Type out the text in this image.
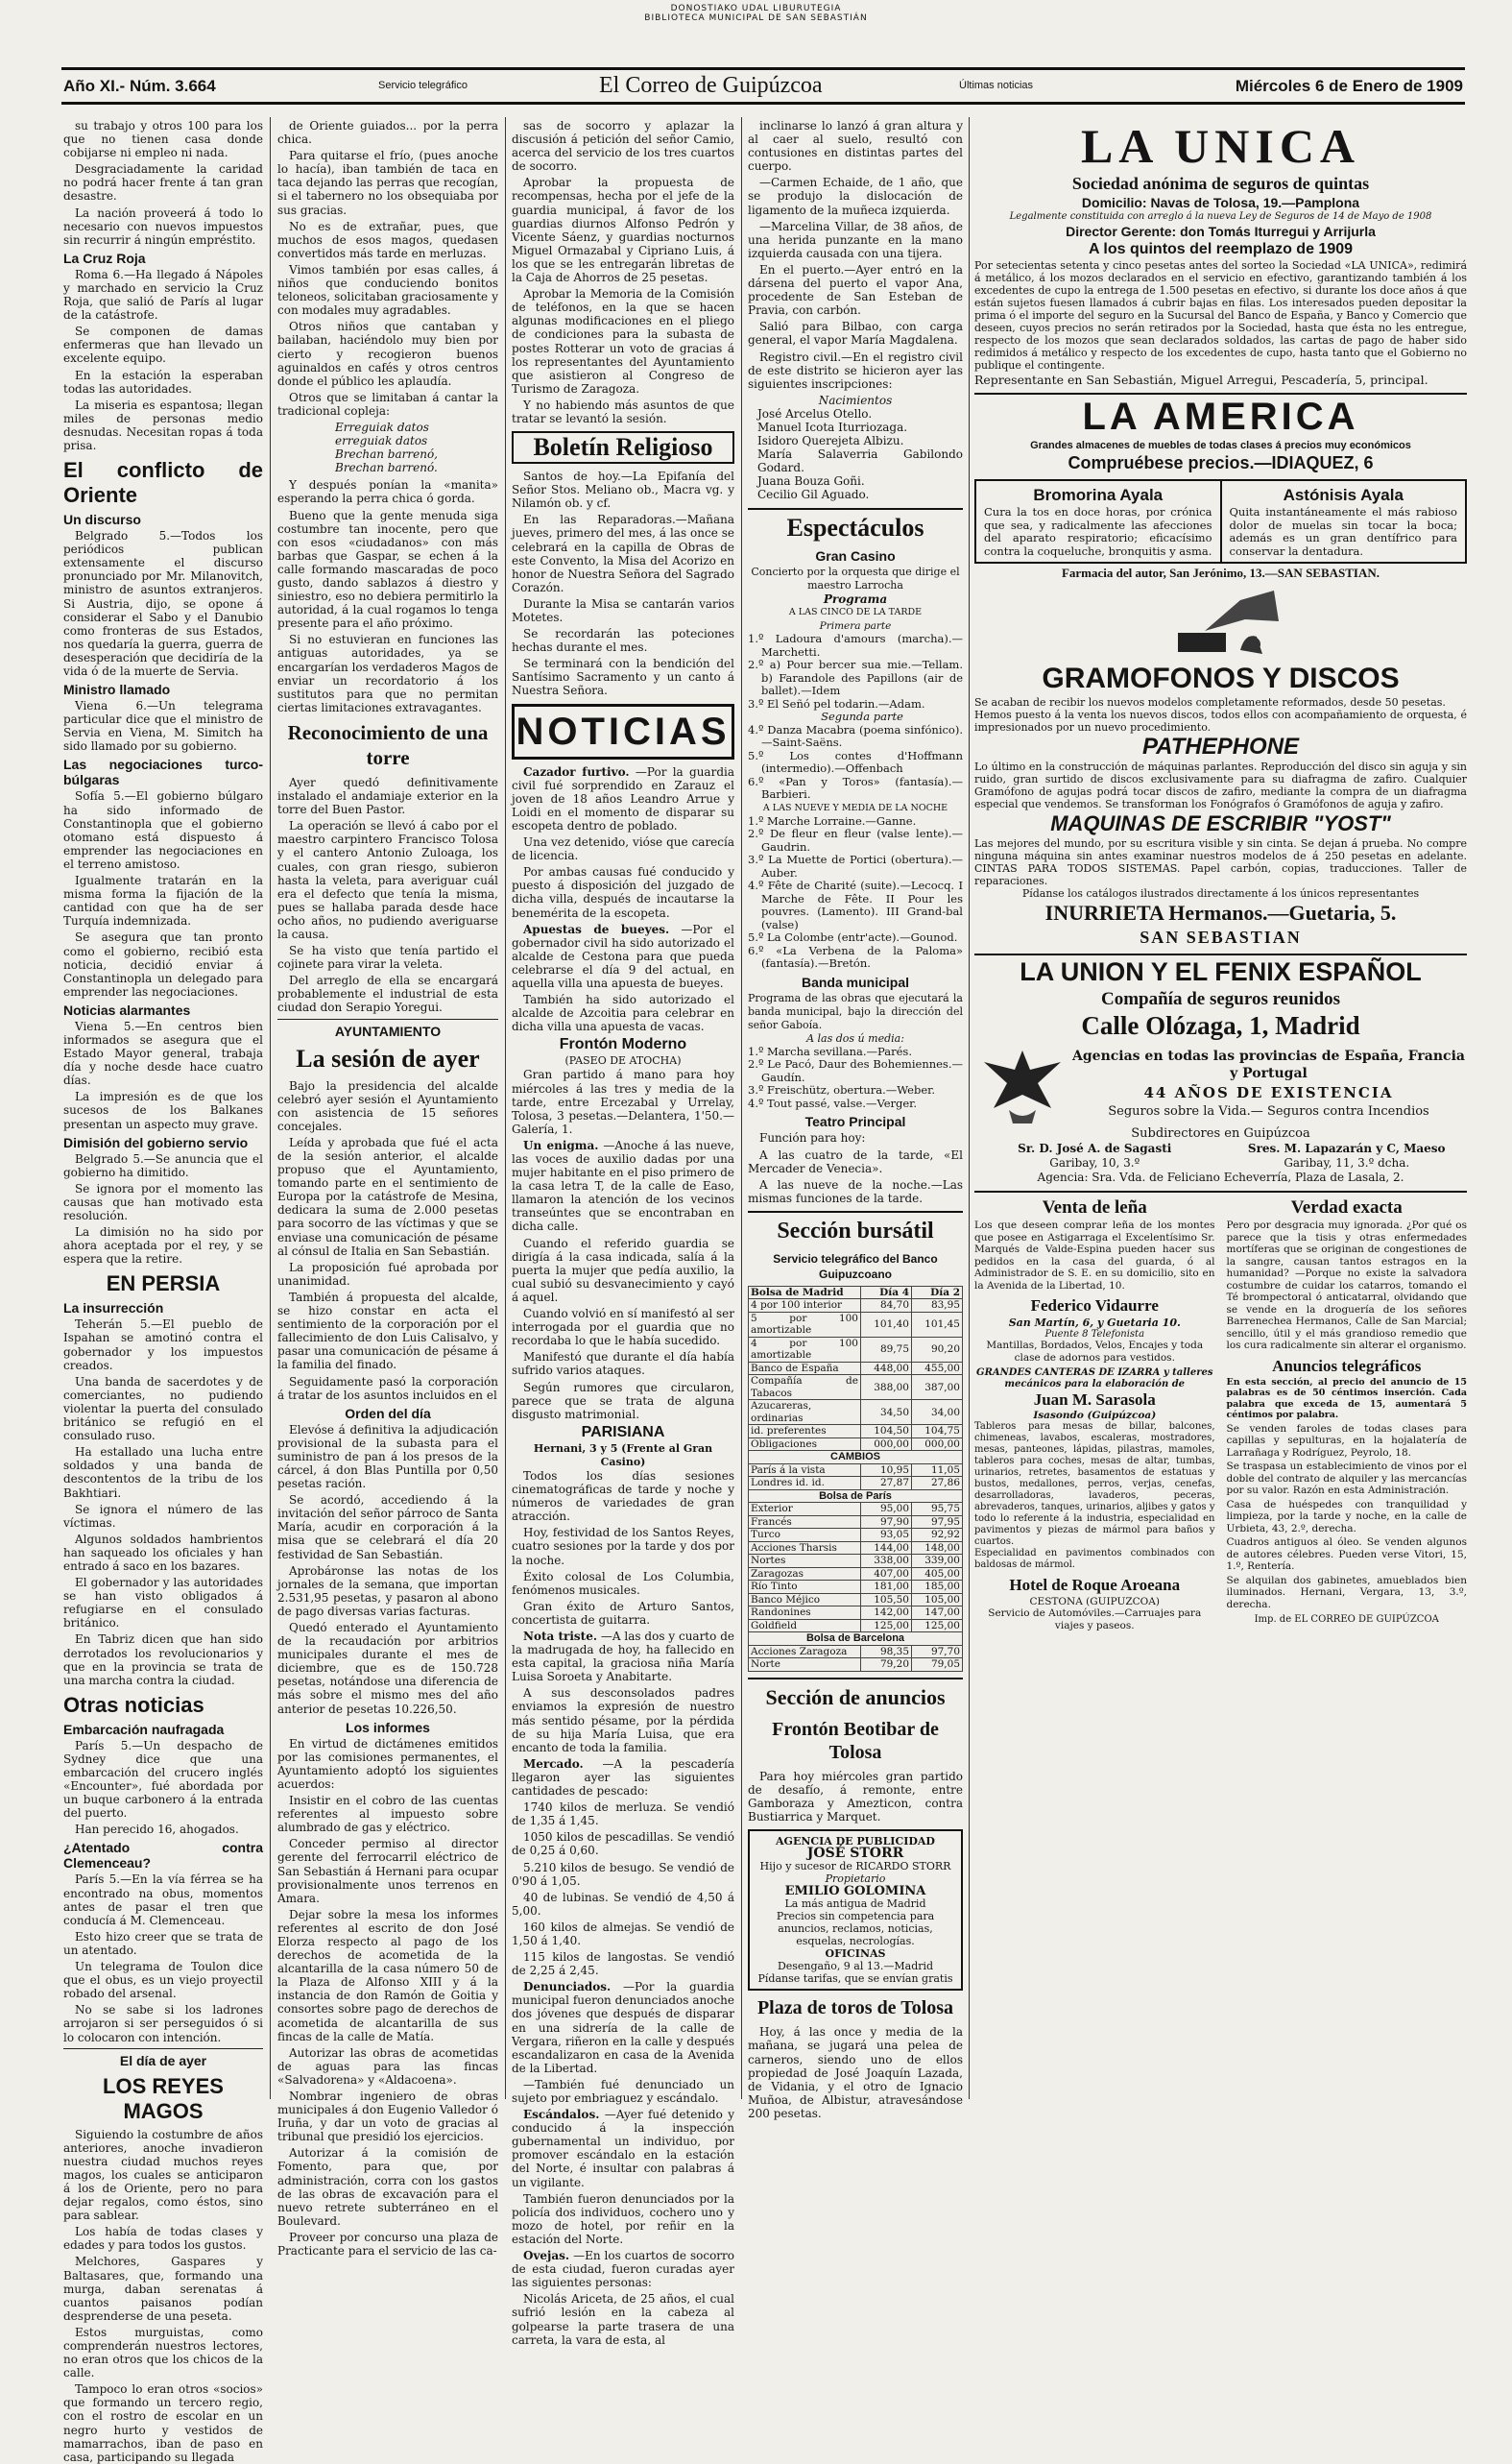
DONOSTIAKO UDAL LIBURUTEGIA
BIBLIOTECA MUNICIPAL DE SAN SEBASTIÁN
Año XI.- Núm. 3.664	Servicio telegráfico	El Correo de Guipúzcoa	Últimas noticias	Miércoles 6 de Enero de 1909

su trabajo y otros 100 para los que no tienen casa donde cobijarse ni empleo ni nada.

Desgraciadamente la caridad no podrá hacer frente á tan gran desastre.

La nación proveerá á todo lo necesario con nuevos impuestos sin recurrir á ningún empréstito.

La Cruz Roja

Roma 6.—Ha llegado á Nápoles y marchado en servicio la Cruz Roja, que salió de París al lugar de la catástrofe.

Se componen de damas enfermeras que han llevado un excelente equipo.

En la estación la esperaban todas las autoridades.

La miseria es espantosa; llegan miles de personas medio desnudas. Necesitan ropas á toda prisa.

El conflicto de Oriente
Un discurso

Belgrado 5.—Todos los periódicos publican extensamente el discurso pronunciado por Mr. Milanovitch, ministro de asuntos extranjeros. Si Austria, dijo, se opone á considerar el Sabo y el Danubio como fronteras de sus Estados, nos quedaría la guerra, guerra de desesperación que decidiría de la vida ó de la muerte de Servia.

Ministro llamado

Viena 6.—Un telegrama particular dice que el ministro de Servia en Viena, M. Simitch ha sido llamado por su gobierno.

Las negociaciones turco-búlgaras

Sofía 5.—El gobierno búlgaro ha sido informado de Constantinopla que el gobierno otomano está dispuesto á emprender las negociaciones en el terreno amistoso.

Igualmente tratarán en la misma forma la fijación de la cantidad con que ha de ser Turquía indemnizada.

Se asegura que tan pronto como el gobierno, recibió esta noticia, decidió enviar á Constantinopla un delegado para emprender las negociaciones.

Noticias alarmantes

Viena 5.—En centros bien informados se asegura que el Estado Mayor general, trabaja día y noche desde hace cuatro días.

La impresión es de que los sucesos de los Balkanes presentan un aspecto muy grave.

Dimisión del gobierno servio

Belgrado 5.—Se anuncia que el gobierno ha dimitido.

Se ignora por el momento las causas que han motivado esta resolución.

La dimisión no ha sido por ahora aceptada por el rey, y se espera que la retire.

EN PERSIA
La insurrección

Teherán 5.—El pueblo de Ispahan se amotinó contra el gobernador y los impuestos creados.

Una banda de sacerdotes y de comerciantes, no pudiendo violentar la puerta del consulado británico se refugió en el consulado ruso.

Ha estallado una lucha entre soldados y una banda de descontentos de la tribu de los Bakhtiari.

Se ignora el número de las víctimas.

Algunos soldados hambrientos han saqueado los oficiales y han entrado á saco en los bazares.

El gobernador y las autoridades se han visto obligados á refugiarse en el consulado británico.

En Tabriz dicen que han sido derrotados los revolucionarios y que en la provincia se trata de una marcha contra la ciudad.

Otras noticias
Embarcación naufragada

París 5.—Un despacho de Sydney dice que una embarcación del crucero inglés «Encounter», fué abordada por un buque carbonero á la entrada del puerto.

Han perecido 16, ahogados.

¿Atentado contra Clemenceau?

París 5.—En la vía férrea se ha encontrado na obus, momentos antes de pasar el tren que conducía á M. Clemenceau.

Esto hizo creer que se trata de un atentado.

Un telegrama de Toulon dice que el obus, es un viejo proyectil robado del arsenal.

No se sabe si los ladrones arrojaron si ser perseguidos ó si lo colocaron con intención.

El día de ayer
LOS REYES MAGOS

Siguiendo la costumbre de años anteriores, anoche invadieron nuestra ciudad muchos reyes magos, los cuales se anticiparon á los de Oriente, pero no para dejar regalos, como éstos, sino para sablear.

Los había de todas clases y edades y para todos los gustos.

Melchores, Gaspares y Baltasares, que, formando una murga, daban serenatas á cuantos paisanos podían desprenderse de una peseta.

Estos murguistas, como comprenderán nuestros lectores, no eran otros que los chicos de la calle.

Tampoco lo eran otros «socios» que formando un tercero regio, con el rostro de escolar en un negro hurto y vestidos de mamarrachos, iban de paso en casa, participando su llegada

de Oriente guiados... por la perra chica.

Para quitarse el frío, (pues anoche lo hacía), iban también de taca en taca dejando las perras que recogían, si el tabernero no los obsequiaba por sus gracias.

No es de extrañar, pues, que muchos de esos magos, quedasen convertidos más tarde en merluzas.

Vimos también por esas calles, á niños que conduciendo bonitos teloneos, solicitaban graciosamente y con modales muy agradables.

Otros niños que cantaban y bailaban, haciéndolo muy bien por cierto y recogieron buenos aguinaldos en cafés y otros centros donde el público les aplaudía.

Otros que se limitaban á cantar la tradicional copleja:

Erreguiak datos
erreguiak datos
Brechan barrenó,
Brechan barrenó.

Y después ponían la «manita» esperando la perra chica ó gorda.

Bueno que la gente menuda siga costumbre tan inocente, pero que con esos «ciudadanos» con más barbas que Gaspar, se echen á la calle formando mascaradas de poco gusto, dando sablazos á diestro y siniestro, eso no debiera permitirlo la autoridad, á la cual rogamos lo tenga presente para el año próximo.

Si no estuvieran en funciones las antiguas autoridades, ya se encargarían los verdaderos Magos de enviar un recordatorio á los sustitutos para que no permitan ciertas limitaciones extravagantes.

Reconocimiento de una torre

Ayer quedó definitivamente instalado el andamiaje exterior en la torre del Buen Pastor.

La operación se llevó á cabo por el maestro carpintero Francisco Tolosa y el cantero Antonio Zuloaga, los cuales, con gran riesgo, subieron hasta la veleta, para averiguar cuál era el defecto que tenía la misma, pues se hallaba parada desde hace ocho años, no pudiendo averiguarse la causa.

Se ha visto que tenía partido el cojinete para virar la veleta.

Del arreglo de ella se encargará probablemente el industrial de esta ciudad don Serapio Yoregui.

AYUNTAMIENTO
La sesión de ayer

Bajo la presidencia del alcalde celebró ayer sesión el Ayuntamiento con asistencia de 15 señores concejales.

Leída y aprobada que fué el acta de la sesión anterior, el alcalde propuso que el Ayuntamiento, tomando parte en el sentimiento de Europa por la catástrofe de Mesina, dedicara la suma de 2.000 pesetas para socorro de las víctimas y que se enviase una comunicación de pésame al cónsul de Italia en San Sebastián.

La proposición fué aprobada por unanimidad.

También á propuesta del alcalde, se hizo constar en acta el sentimiento de la corporación por el fallecimiento de don Luis Calisalvo, y pasar una comunicación de pésame á la familia del finado.

Seguidamente pasó la corporación á tratar de los asuntos incluidos en el

Orden del día

Elevóse á definitiva la adjudicación provisional de la subasta para el suministro de pan á los presos de la cárcel, á don Blas Puntilla por 0,50 pesetas ración.

Se acordó, accediendo á la invitación del señor párroco de Santa María, acudir en corporación á la misa que se celebrará el día 20 festividad de San Sebastián.

Aprobáronse las notas de los jornales de la semana, que importan 2.531,95 pesetas, y pasaron al abono de pago diversas varias facturas.

Quedó enterado el Ayuntamiento de la recaudación por arbitrios municipales durante el mes de diciembre, que es de 150.728 pesetas, notándose una diferencia de más sobre el mismo mes del año anterior de pesetas 10.226,50.

Los informes

En virtud de dictámenes emitidos por las comisiones permanentes, el Ayuntamiento adoptó los siguientes acuerdos:

Insistir en el cobro de las cuentas referentes al impuesto sobre alumbrado de gas y eléctrico.

Conceder permiso al director gerente del ferrocarril eléctrico de San Sebastián á Hernani para ocupar provisionalmente unos terrenos en Amara.

Dejar sobre la mesa los informes referentes al escrito de don José Elorza respecto al pago de los derechos de acometida de la alcantarilla de la casa número 50 de la Plaza de Alfonso XIII y á la instancia de don Ramón de Goitia y consortes sobre pago de derechos de acometida de alcantarilla de sus fincas de la calle de Matía.

Autorizar las obras de acometidas de aguas para las fincas «Salvadorena» y «Aldacoena».

Nombrar ingeniero de obras municipales á don Eugenio Valledor ó Iruña, y dar un voto de gracias al tribunal que presidió los ejercicios.

Autorizar á la comisión de Fomento, para que, por administración, corra con los gastos de las obras de excavación para el nuevo retrete subterráneo en el Boulevard.

Proveer por concurso una plaza de Practicante para el servicio de las ca-

sas de socorro y aplazar la discusión á petición del señor Camio, acerca del servicio de los tres cuartos de socorro.

Aprobar la propuesta de recompensas, hecha por el jefe de la guardia municipal, á favor de los guardias diurnos Alfonso Pedrón y Vicente Sáenz, y guardias nocturnos Miguel Ormazabal y Cipriano Luis, á los que se les entregarán libretas de la Caja de Ahorros de 25 pesetas.

Aprobar la Memoria de la Comisión de teléfonos, en la que se hacen algunas modificaciones en el pliego de condiciones para la subasta de postes Rotterar un voto de gracias á los representantes del Ayuntamiento que asistieron al Congreso de Turismo de Zaragoza.

Y no habiendo más asuntos de que tratar se levantó la sesión.

Boletín Religioso

Santos de hoy.—La Epifanía del Señor Stos. Meliano ob., Macra vg. y Nilamón ob. y cf.

En las Reparadoras.—Mañana jueves, primero del mes, á las once se celebrará en la capilla de Obras de este Convento, la Misa del Acorizo en honor de Nuestra Señora del Sagrado Corazón.

Durante la Misa se cantarán varios Motetes.

Se recordarán las poteciones hechas durante el mes.

Se terminará con la bendición del Santísimo Sacramento y un canto á Nuestra Señora.

NOTICIAS

Cazador furtivo. —Por la guardia civil fué sorprendido en Zarauz el joven de 18 años Leandro Arrue y Loidi en el momento de disparar su escopeta dentro de poblado.

Una vez detenido, vióse que carecía de licencia.

Por ambas causas fué conducido y puesto á disposición del juzgado de dicha villa, después de incautarse la benemérita de la escopeta.

Apuestas de bueyes. —Por el gobernador civil ha sido autorizado el alcalde de Cestona para que pueda celebrarse el día 9 del actual, en aquella villa una apuesta de bueyes.

También ha sido autorizado el alcalde de Azcoitia para celebrar en dicha villa una apuesta de vacas.

Frontón Moderno
(PASEO DE ATOCHA)

Gran partido á mano para hoy miércoles á las tres y media de la tarde, entre Ercezabal y Urrelay, Tolosa, 3 pesetas.—Delantera, 1'50.— Galería, 1.

Un enigma. —Anoche á las nueve, las voces de auxilio dadas por una mujer habitante en el piso primero de la casa letra T, de la calle de Easo, llamaron la atención de los vecinos transeúntes que se encontraban en dicha calle.

Cuando el referido guardia se dirigía á la casa indicada, salía á la puerta la mujer que pedía auxilio, la cual subió su desvanecimiento y cayó á aquel.

Cuando volvió en sí manifestó al ser interrogada por el guardia que no recordaba lo que le había sucedido.

Manifestó que durante el día había sufrido varios ataques.

Según rumores que circularon, parece que se trata de alguna disgusto matrimonial.

PARISIANA
Hernani, 3 y 5 (Frente al Gran Casino)

Todos los días sesiones cinematográficas de tarde y noche y números de variedades de gran atracción.

Hoy, festividad de los Santos Reyes, cuatro sesiones por la tarde y dos por la noche.

Éxito colosal de Los Columbia, fenómenos musicales.

Gran éxito de Arturo Santos, concertista de guitarra.

Nota triste. —A las dos y cuarto de la madrugada de hoy, ha fallecido en esta capital, la graciosa niña María Luisa Soroeta y Anabitarte.

A sus desconsolados padres enviamos la expresión de nuestro más sentido pésame, por la pérdida de su hija María Luisa, que era encanto de toda la familia.

Mercado. —A la pescadería llegaron ayer las siguientes cantidades de pescado:

1740 kilos de merluza. Se vendió de 1,35 á 1,45.

1050 kilos de pescadillas. Se vendió de 0,25 á 0,60.

5.210 kilos de besugo. Se vendió de 0'90 á 1,05.

40 de lubinas. Se vendió de 4,50 á 5,00.

160 kilos de almejas. Se vendió de 1,50 á 1,40.

115 kilos de langostas. Se vendió de 2,25 á 2,45.

Denunciados. —Por la guardia municipal fueron denunciados anoche dos jóvenes que después de disparar en una sidrería de la calle de Vergara, riñeron en la calle y después escandalizaron en casa de la Avenida de la Libertad.

—También fué denunciado un sujeto por embriaguez y escándalo.

Escándalos. —Ayer fué detenido y conducido á la inspección gubernamental un individuo, por promover escándalo en la estación del Norte, é insultar con palabras á un vigilante.

También fueron denunciados por la policía dos individuos, cochero uno y mozo de hotel, por reñir en la estación del Norte.

Ovejas. —En los cuartos de socorro de esta ciudad, fueron curadas ayer las siguientes personas:

Nicolás Ariceta, de 25 años, el cual sufrió lesión en la cabeza al golpearse la parte trasera de una carreta, la vara de esta, al

inclinarse lo lanzó á gran altura y al caer al suelo, resultó con contusiones en distintas partes del cuerpo.

—Carmen Echaide, de 1 año, que se produjo la dislocación de ligamento de la muñeca izquierda.

—Marcelina Villar, de 38 años, de una herida punzante en la mano izquierda causada con una tijera.

En el puerto.—Ayer entró en la dársena del puerto el vapor Ana, procedente de San Esteban de Pravia, con carbón.

Salió para Bilbao, con carga general, el vapor María Magdalena.

Registro civil.—En el registro civil de este distrito se hicieron ayer las siguientes inscripciones:

Nacimientos
José Arcelus Otello.
Manuel Icota Iturriozaga.
Isidoro Querejeta Albizu.
María Salaverria Gabilondo Godard.
Juana Bouza Goñi.
Cecilio Gil Aguado.
Espectáculos
Gran Casino
Concierto por la orquesta que dirige el maestro Larrocha
Programa
A LAS CINCO DE LA TARDE
Primera parte
1.º Ladoura d'amours (marcha).—Marchetti.
2.º a) Pour bercer sua mie.—Tellam. b) Farandole des Papillons (air de ballet).—Idem
3.º El Señó pel todarin.—Adam.
Segunda parte
4.º Danza Macabra (poema sinfónico).—Saint-Saëns.
5.º Los contes d'Hoffmann (intermedio).—Offenbach
6.º «Pan y Toros» (fantasía).—Barbieri.
A LAS NUEVE Y MEDIA DE LA NOCHE
1.º Marche Lorraine.—Ganne.
2.º De fleur en fleur (valse lente).—Gaudrin.
3.º La Muette de Portici (obertura).—Auber.
4.º Fête de Charité (suite).—Lecocq. I Marche de Fête. II Pour les pouvres. (Lamento). III Grand-bal (valse)
5.º La Colombe (entr'acte).—Gounod.
6.º «La Verbena de la Paloma» (fantasía).—Bretón.
Banda municipal
Programa de las obras que ejecutará la banda municipal, bajo la dirección del señor Gaboía.
A las dos ú media:
1.º Marcha sevillana.—Parés.
2.º Le Pacó, Daur des Bohemiennes.—Gaudín.
3.º Freischütz, obertura.—Weber.
4.º Tout passé, valse.—Verger.
Teatro Principal

Función para hoy:

A las cuatro de la tarde, «El Mercader de Venecia».

A las nueve de la noche.—Las mismas funciones de la tarde.

Sección bursátil
Servicio telegráfico del Banco Guipuzcoano
Bolsa de Madrid	Día 4	Día 2
4 por 100 interior	84,70	83,95
5 por 100 amortizable	101,40	101,45
4 por 100 amortizable	89,75	90,20
Banco de España	448,00	455,00
Compañía de Tabacos	388,00	387,00
Azucareras, ordinarias	34,50	34,00
id. preferentes	104,50	104,75
Obligaciones	000,00	000,00
CAMBIOS		
París á la vista	10,95	11,05
Londres id. id.	27,87	27,86
Bolsa de París		
Exterior	95,00	95,75
Francés	97,90	97,95
Turco	93,05	92,92
Acciones Tharsis	144,00	148,00
Nortes	338,00	339,00
Zaragozas	407,00	405,00
Río Tinto	181,00	185,00
Banco Méjico	105,50	105,00
Randonines	142,00	147,00
Goldfield	125,00	125,00
Bolsa de Barcelona		
Acciones Zaragoza	98,35	97,70
Norte	79,20	79,05
Sección de anuncios
Frontón Beotibar de Tolosa

Para hoy miércoles gran partido de desafío, á remonte, entre Gamboraza y Amezticon, contra Bustiarrica y Marquet.

AGENCIA DE PUBLICIDAD
JOSÉ STORR
Hijo y sucesor de RICARDO STORR
Propietario
EMILIO GOLOMINA
La más antigua de Madrid
Precios sin competencia para anuncios, reclamos, noticias, esquelas, necrologías.
OFICINAS
Desengaño, 9 al 13.—Madrid
Pídanse tarifas, que se envían gratis
Plaza de toros de Tolosa

Hoy, á las once y media de la mañana, se jugará una pelea de carneros, siendo uno de ellos propiedad de José Joaquín Lazada, de Vidania, y el otro de Ignacio Muñoa, de Albistur, atravesándose 200 pesetas.

LA UNICA
Sociedad anónima de seguros de quintas
Domicilio: Navas de Tolosa, 19.—Pamplona
Legalmente constituida con arreglo á la nueva Ley de Seguros de 14 de Mayo de 1908
Director Gerente: don Tomás Iturregui y Arrijurla
A los quintos del reemplazo de 1909
Por setecientas setenta y cinco pesetas antes del sorteo la Sociedad «LA UNICA», redimirá á metálico, á los mozos declarados en el servicio en efectivo, garantizando también á los excedentes de cupo la entrega de 1.500 pesetas en efectivo, si durante los doce años á que están sujetos fuesen llamados á cubrir bajas en filas. Los interesados pueden depositar la prima ó el importe del seguro en la Sucursal del Banco de España, y Banco y Comercio que deseen, cuyos precios no serán retirados por la Sociedad, hasta que ésta no les entregue, respecto de los mozos que sean declarados soldados, las cartas de pago de haber sido redimidos á metálico y respecto de los excedentes de cupo, hasta tanto que el Gobierno no publique el contingente.
Representante en San Sebastián, Miguel Arregui, Pescadería, 5, principal.
LA AMERICA
Grandes almacenes de muebles de todas clases á precios muy económicos
Compruébese precios.—IDIAQUEZ, 6
Bromorina Ayala
Cura la tos en doce horas, por crónica que sea, y radicalmente las afecciones del aparato respiratorio; eficacísimo contra la coqueluche, bronquitis y asma.
Astónisis Ayala
Quita instantáneamente el más rabioso dolor de muelas sin tocar la boca; además es un gran dentífrico para conservar la dentadura.
Farmacia del autor, San Jerónimo, 13.—SAN SEBASTIAN.
GRAMOFONOS Y DISCOS
Se acaban de recibir los nuevos modelos completamente reformados, desde 50 pesetas.
Hemos puesto á la venta los nuevos discos, todos ellos con acompañamiento de orquesta, é impresionados por un nuevo procedimiento.
PATHEPHONE
Lo último en la construcción de máquinas parlantes. Reproducción del disco sin aguja y sin ruido, gran surtido de discos exclusivamente para su diafragma de zafiro. Cualquier Gramófono de agujas podrá tocar discos de zafiro, mediante la compra de un diafragma especial que vendemos. Se transforman los Fonógrafos ó Gramófonos de aguja y zafiro.
MAQUINAS DE ESCRIBIR "YOST"
Las mejores del mundo, por su escritura visible y sin cinta. Se dejan á prueba. No compre ninguna máquina sin antes examinar nuestros modelos de á 250 pesetas en adelante. CINTAS PARA TODOS SISTEMAS. Papel carbón, copias, traducciones. Taller de reparaciones.
Pídanse los catálogos ilustrados directamente á los únicos representantes
INURRIETA Hermanos.—Guetaria, 5.
SAN SEBASTIAN
LA UNION Y EL FENIX ESPAÑOL
Compañía de seguros reunidos
Calle Olózaga, 1, Madrid
Agencias en todas las provincias de España, Francia y Portugal
44 AÑOS DE EXISTENCIA
Seguros sobre la Vida.— Seguros contra Incendios
Subdirectores en Guipúzcoa
Sr. D. José A. de Sagasti
Garibay, 10, 3.º
Sres. M. Lapazarán y C, Maeso
Garibay, 11, 3.º dcha.
Agencia: Sra. Vda. de Feliciano Echeverría, Plaza de Lasala, 2.
Venta de leña
Los que deseen comprar leña de los montes que posee en Astigarraga el Excelentísimo Sr. Marqués de Valde-Espina pueden hacer sus pedidos en la casa del guarda, ó al Administrador de S. E. en su domicilio, sito en la Avenida de la Libertad, 10.
Federico Vidaurre
San Martín, 6, y Guetaria 10.
Puente 8 Telefonista
Mantillas, Bordados, Velos, Encajes y toda clase de adornos para vestidos.
GRANDES CANTERAS DE IZARRA y talleres mecánicos para la elaboración de
Juan M. Sarasola
Isasondo (Guipúzcoa)
Tableros para mesas de billar, balcones, chimeneas, lavabos, escaleras, mostradores, mesas, panteones, lápidas, pilastras, mamoles, tableros para coches, mesas de altar, tumbas, urinarios, retretes, basamentos de estatuas y bustos, medallones, perros, verjas, cenefas, desarrolladoras, lavaderos, peceras, abrevaderos, tanques, urinarios, aljibes y gatos y todo lo referente á la industria, especialidad en pavimentos y piezas de mármol para baños y cuartos.
Especialidad en pavimentos combinados con baldosas de mármol.
Hotel de Roque Aroeana
CESTONA (GUIPUZCOA)
Servicio de Automóviles.—Carruajes para viajes y paseos.
Verdad exacta
Pero por desgracia muy ignorada. ¿Por qué os parece que la tisis y otras enfermedades mortíferas que se originan de congestiones de la sangre, causan tantos estragos en la humanidad? —Porque no existe la salvadora costumbre de cuidar los catarros, tomando el Té brompectoral ó anticatarral, olvidando que se vende en la droguería de los señores Barrenechea Hermanos, Calle de San Marcial; sencillo, útil y el más grandioso remedio que los cura radicalmente sin alterar el organismo.
Anuncios telegráficos
En esta sección, al precio del anuncio de 15 palabras es de 50 céntimos inserción. Cada palabra que exceda de 15, aumentará 5 céntimos por palabra.
Se venden faroles de todas clases para capillas y sepulturas, en la hojalatería de Larrañaga y Rodríguez, Peyrolo, 18.
Se traspasa un establecimiento de vinos por el doble del contrato de alquiler y las mercancías por su valor. Razón en esta Administración.
Casa de huéspedes con tranquilidad y limpieza, por la tarde y noche, en la calle de Urbieta, 43, 2.º, derecha.
Cuadros antiguos al óleo. Se venden algunos de autores célebres. Pueden verse Vitori, 15, 1.º, Rentería.
Se alquilan dos gabinetes, amueblados bien iluminados. Hernani, Vergara, 13, 3.º, derecha.
Imp. de EL CORREO DE GUIPÚZCOA
